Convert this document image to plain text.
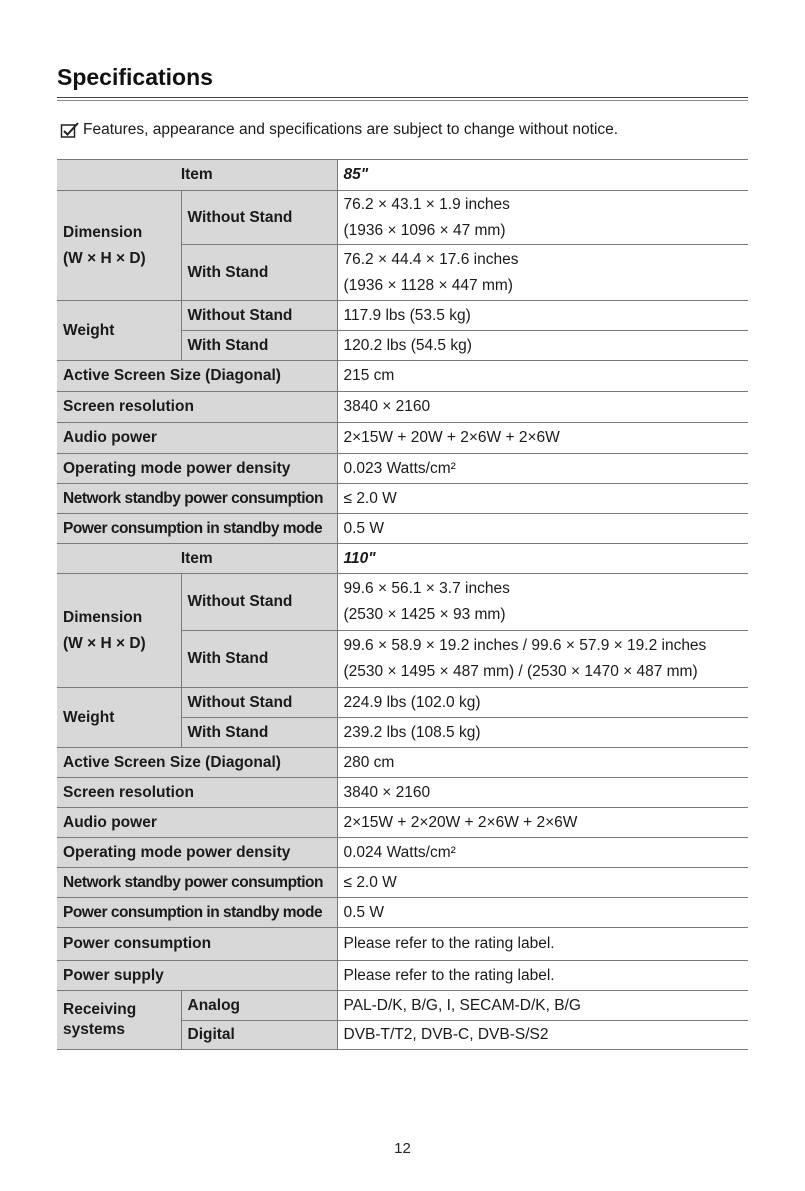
Specifications
Features, appearance and specifications are subject to change without notice.
Item		85"

Dimension
(W × H × D)	Without Stand	76.2 × 43.1 × 1.9 inches
(1936 × 1096 × 47 mm)

	With Stand	76.2 × 44.4 × 17.6 inches
(1936 × 1128 × 447 mm)

Weight	Without Stand	117.9 lbs (53.5 kg)
	With Stand	120.2 lbs (54.5 kg)
Active Screen Size (Diagonal)		215 cm
Screen resolution		3840 × 2160
Audio power		2×15W + 20W + 2×6W + 2×6W
Operating mode power density		0.023 Watts/cm²
Network standby power consumption		≤ 2.0 W
Power consumption in standby mode		0.5 W
Item		110"

Dimension
(W × H × D)	Without Stand	99.6 × 56.1 × 3.7 inches
(2530 × 1425 × 93 mm)

	With Stand	99.6 × 58.9 × 19.2 inches / 99.6 × 57.9 × 19.2 inches
(2530 × 1495 × 487 mm) / (2530 × 1470 × 487 mm)

Weight	Without Stand	224.9 lbs (102.0 kg)
	With Stand	239.2 lbs (108.5 kg)
Active Screen Size (Diagonal)		280 cm
Screen resolution		3840 × 2160
Audio power		2×15W + 2×20W + 2×6W + 2×6W
Operating mode power density		0.024 Watts/cm²
Network standby power consumption		≤ 2.0 W
Power consumption in standby mode		0.5 W
Power consumption		Please refer to the rating label.
Power supply		Please refer to the rating label.

Receiving
systems	Analog	PAL-D/K, B/G, I, SECAM-D/K, B/G
	Digital	DVB-T/T2, DVB-C, DVB-S/S2
12
